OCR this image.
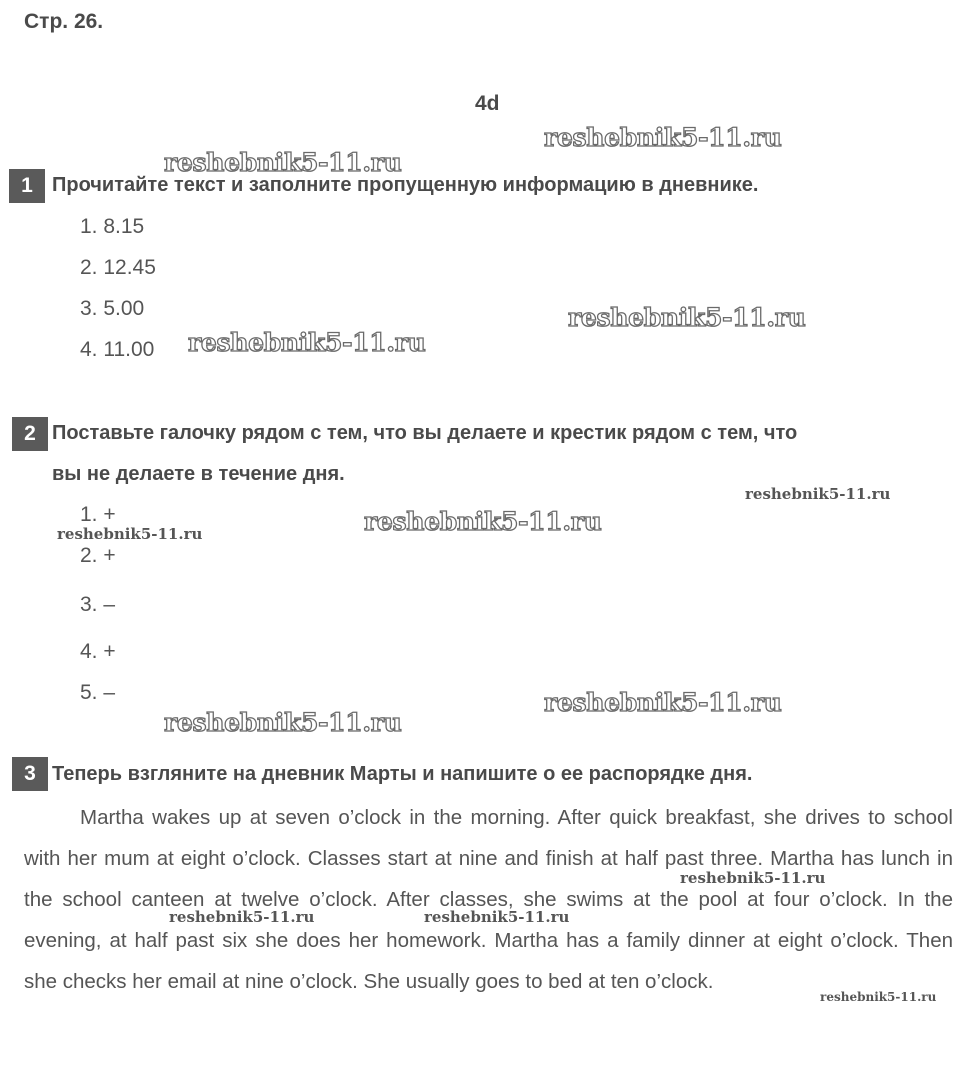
Стр. 26.
4d
1 Прочитайте текст и заполните пропущенную информацию в дневнике.
1. 8.15
2. 12.45
3. 5.00
4. 11.00
2 Поставьте галочку рядом с тем, что вы делаете и крестик рядом с тем, что
вы не делаете в течение дня.
1. +
2. +
3. –
4. +
5. –
3 Теперь взгляните на дневник Марты и напишите о ее распорядке дня.
Martha wakes up at seven o’clock in the morning. After quick breakfast, she drives to school with her mum at eight o’clock. Classes start at nine and finish at half past three. Martha has lunch in the school canteen at twelve o’clock. After classes, she swims at the pool at four o’clock. In the evening, at half past six she does her homework. Martha has a family dinner at eight o’clock. Then she checks her email at nine o’clock. She usually goes to bed at ten o’clock.
reshebnik5-11.ru
reshebnik5-11.ru
reshebnik5-11.ru
reshebnik5-11.ru
reshebnik5-11.ru
reshebnik5-11.ru
reshebnik5-11.ru
reshebnik5-11.ru
reshebnik5-11.ru
reshebnik5-11.ru
reshebnik5-11.ru	reshebnik5-11.ru
reshebnik5-11.ru
